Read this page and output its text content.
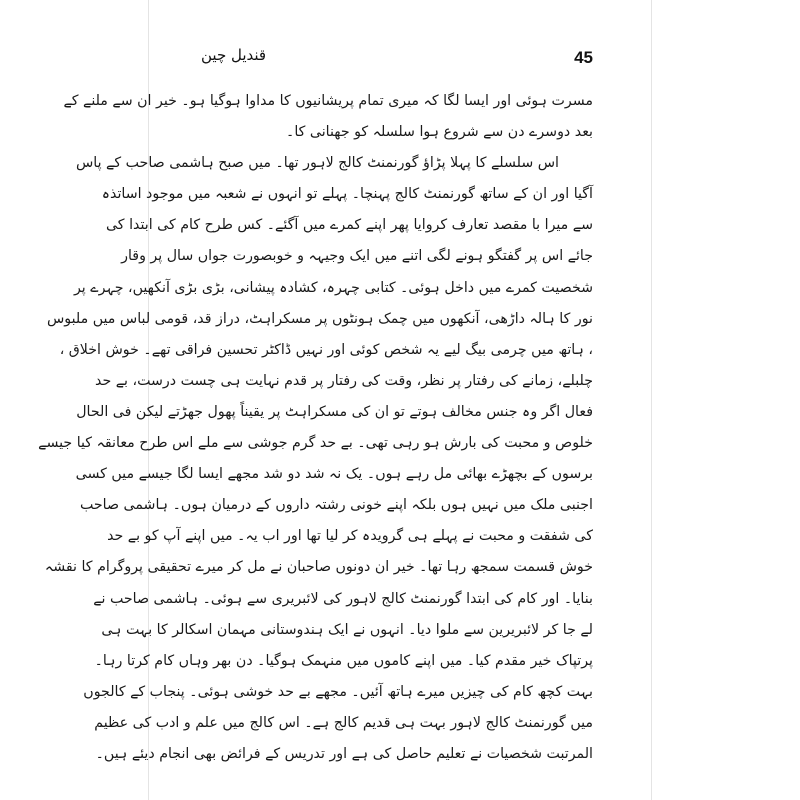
45
قندیل چین
مسرت ہوئی اور ایسا لگا کہ میری تمام پریشانیوں کا مداوا ہوگیا ہو۔ خیر ان سے ملنے کے
بعد دوسرے دن سے شروع ہوا سلسلہ کو جھنانی کا۔
اس سلسلے کا پہلا پڑاؤ گورنمنٹ کالج لاہور تھا۔ میں صبح ہاشمی صاحب کے پاس
آگیا اور ان کے ساتھ گورنمنٹ کالج پہنچا۔ پہلے تو انہوں نے شعبہ میں موجود اساتذہ
سے میرا با مقصد تعارف کروایا پھر اپنے کمرے میں آگئے۔ کس طرح کام کی ابتدا کی
جائے اس پر گفتگو ہونے لگی اتنے میں ایک وجیہہ و خوبصورت جواں سال پر وقار
شخصیت کمرے میں داخل ہوئی۔ کتابی چہرہ، کشادہ پیشانی، بڑی بڑی آنکھیں، چہرے پر
نور کا ہالہ داڑھی، آنکھوں میں چمک ہونٹوں پر مسکراہٹ، دراز قد، قومی لباس میں ملبوس
، ہاتھ میں چرمی بیگ لیے یہ شخص کوئی اور نہیں ڈاکٹر تحسین فراقی تھے۔ خوش اخلاق ،
چلبلے، زمانے کی رفتار پر نظر، وقت کی رفتار پر قدم نہایت ہی چست درست، بے حد
فعال اگر وہ جنس مخالف ہوتے تو ان کی مسکراہٹ پر یقیناً پھول جھڑتے لیکن فی الحال
خلوص و محبت کی بارش ہو رہی تھی۔ بے حد گرم جوشی سے ملے اس طرح معانقہ کیا جیسے
برسوں کے بچھڑے بھائی مل رہے ہوں۔ یک نہ شد دو شد مجھے ایسا لگا جیسے میں کسی
اجنبی ملک میں نہیں ہوں بلکہ اپنے خونی رشتہ داروں کے درمیان ہوں۔ ہاشمی صاحب
کی شفقت و محبت نے پہلے ہی گرویدہ کر لیا تھا اور اب یہ۔ میں اپنے آپ کو بے حد
خوش قسمت سمجھ رہا تھا۔ خیر ان دونوں صاحبان نے مل کر میرے تحقیقی پروگرام کا نقشہ
بنایا۔ اور کام کی ابتدا گورنمنٹ کالج لاہور کی لائبریری سے ہوئی۔ ہاشمی صاحب نے
لے جا کر لائبریرین سے ملوا دیا۔ انہوں نے ایک ہندوستانی مہمان اسکالر کا بہت ہی
پرتپاک خیر مقدم کیا۔ میں اپنے کاموں میں منہمک ہوگیا۔ دن بھر وہاں کام کرتا رہا۔
بہت کچھ کام کی چیزیں میرے ہاتھ آئیں۔ مجھے بے حد خوشی ہوئی۔ پنجاب کے کالجوں
میں گورنمنٹ کالج لاہور بہت ہی قدیم کالج ہے۔ اس کالج میں علم و ادب کی عظیم
المرتبت شخصیات نے تعلیم حاصل کی ہے اور تدریس کے فرائض بھی انجام دیئے ہیں۔
